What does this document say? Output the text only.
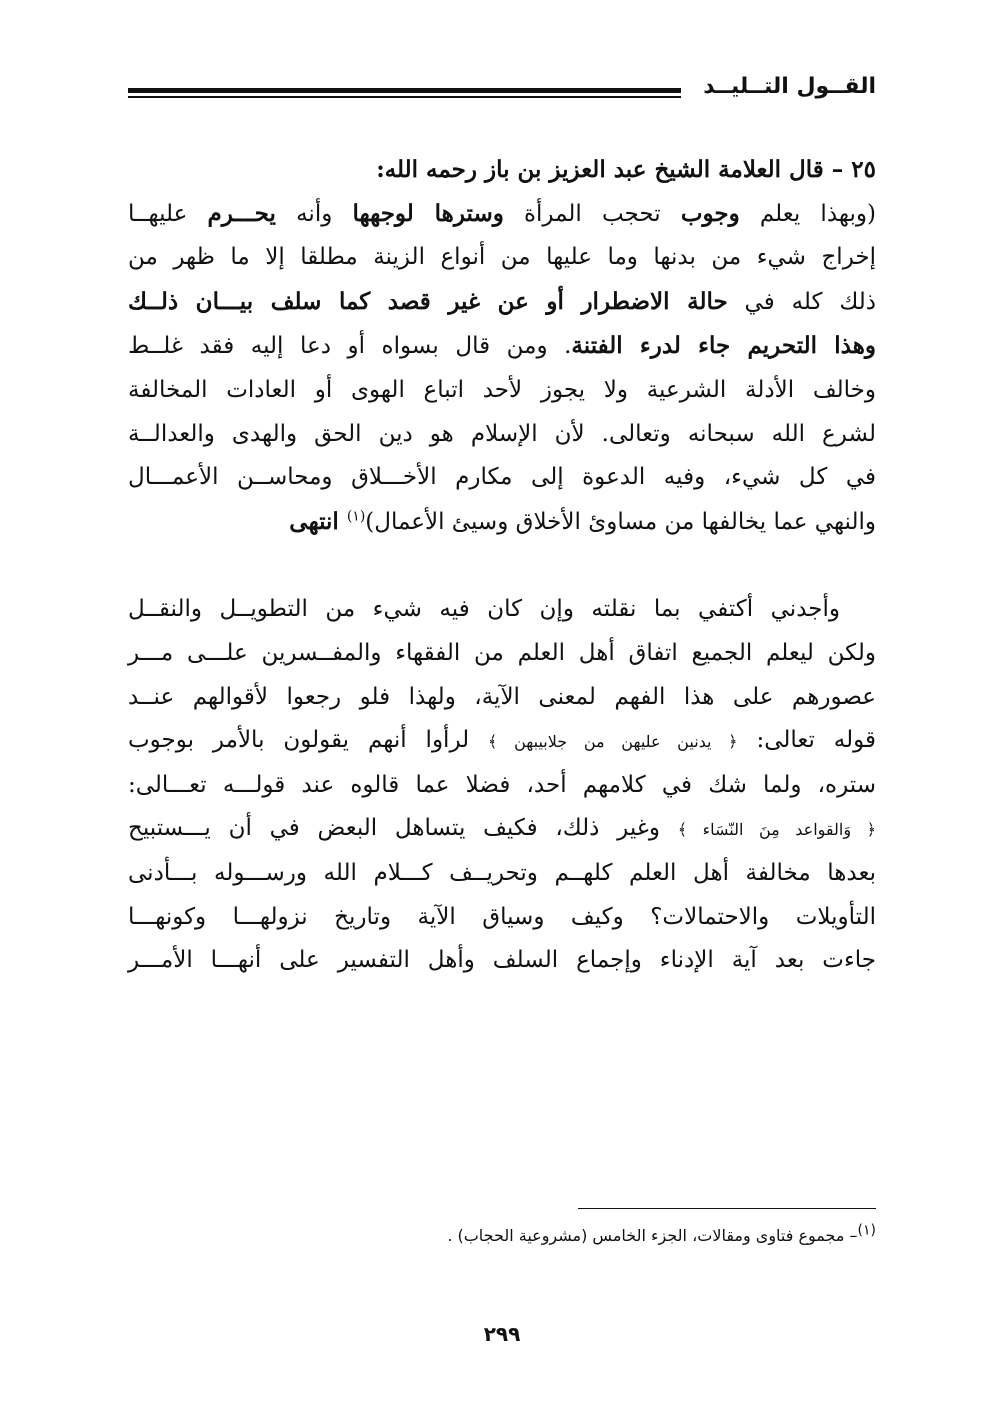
القــول التــليــد

٢٥ – قال العلامة الشيخ عبد العزيز بن باز رحمه الله:

(وبهذا يعلم وجوب تحجب المرأة وسترها لوجهها وأنه يحـــرم عليهــا
إخراج شيء من بدنها وما عليها من أنواع الزينة مطلقا إلا ما ظهر من
ذلك كله في حالة الاضطرار أو عن غير قصد كما سلف بيـــان ذلــك
وهذا التحريم جاء لدرء الفتنة. ومن قال بسواه أو دعا إليه فقد غلــط
وخالف الأدلة الشرعية ولا يجوز لأحد اتباع الهوى أو العادات المخالفة
لشرع الله سبحانه وتعالى. لأن الإسلام هو دين الحق والهدى والعدالــة
في كل شيء، وفيه الدعوة إلى مكارم الأخـــلاق ومحاســن الأعمـــال
والنهي عما يخالفها من مساوئ الأخلاق وسيئ الأعمال)$^{(١)}$ انتهى

وأجدني أكتفي بما نقلته وإن كان فيه شيء من التطويــل والنقــل
ولكن ليعلم الجميع اتفاق أهل العلم من الفقهاء والمفــسرين علـــى مـــر
عصورهم على هذا الفهم لمعنى الآية، ولهذا فلو رجعوا لأقوالهم عنــد
قوله تعالى: ﴿ يدنين عليهن من جلابيبهن ﴾ لرأوا أنهم يقولون بالأمر بوجوب
ستره، ولما شك في كلامهم أحد، فضلا عما قالوه عند قولـــه تعـــالى:
﴿ وَالقواعد مِنَ النّسَاء ﴾ وغير ذلك، فكيف يتساهل البعض في أن يـــستبيح
بعدها مخالفة أهل العلم كلهــم وتحريــف كـــلام الله ورســـوله بـــأدنى
التأويلات والاحتمالات؟ وكيف وسياق الآية وتاريخ نزولهـــا وكونهـــا
جاءت بعد آية الإدناء وإجماع السلف وأهل التفسير على أنهـــا الأمـــر

(١)– مجموع فتاوى ومقالات، الجزء الخامس (مشروعية الحجاب) .
٢٩٩
